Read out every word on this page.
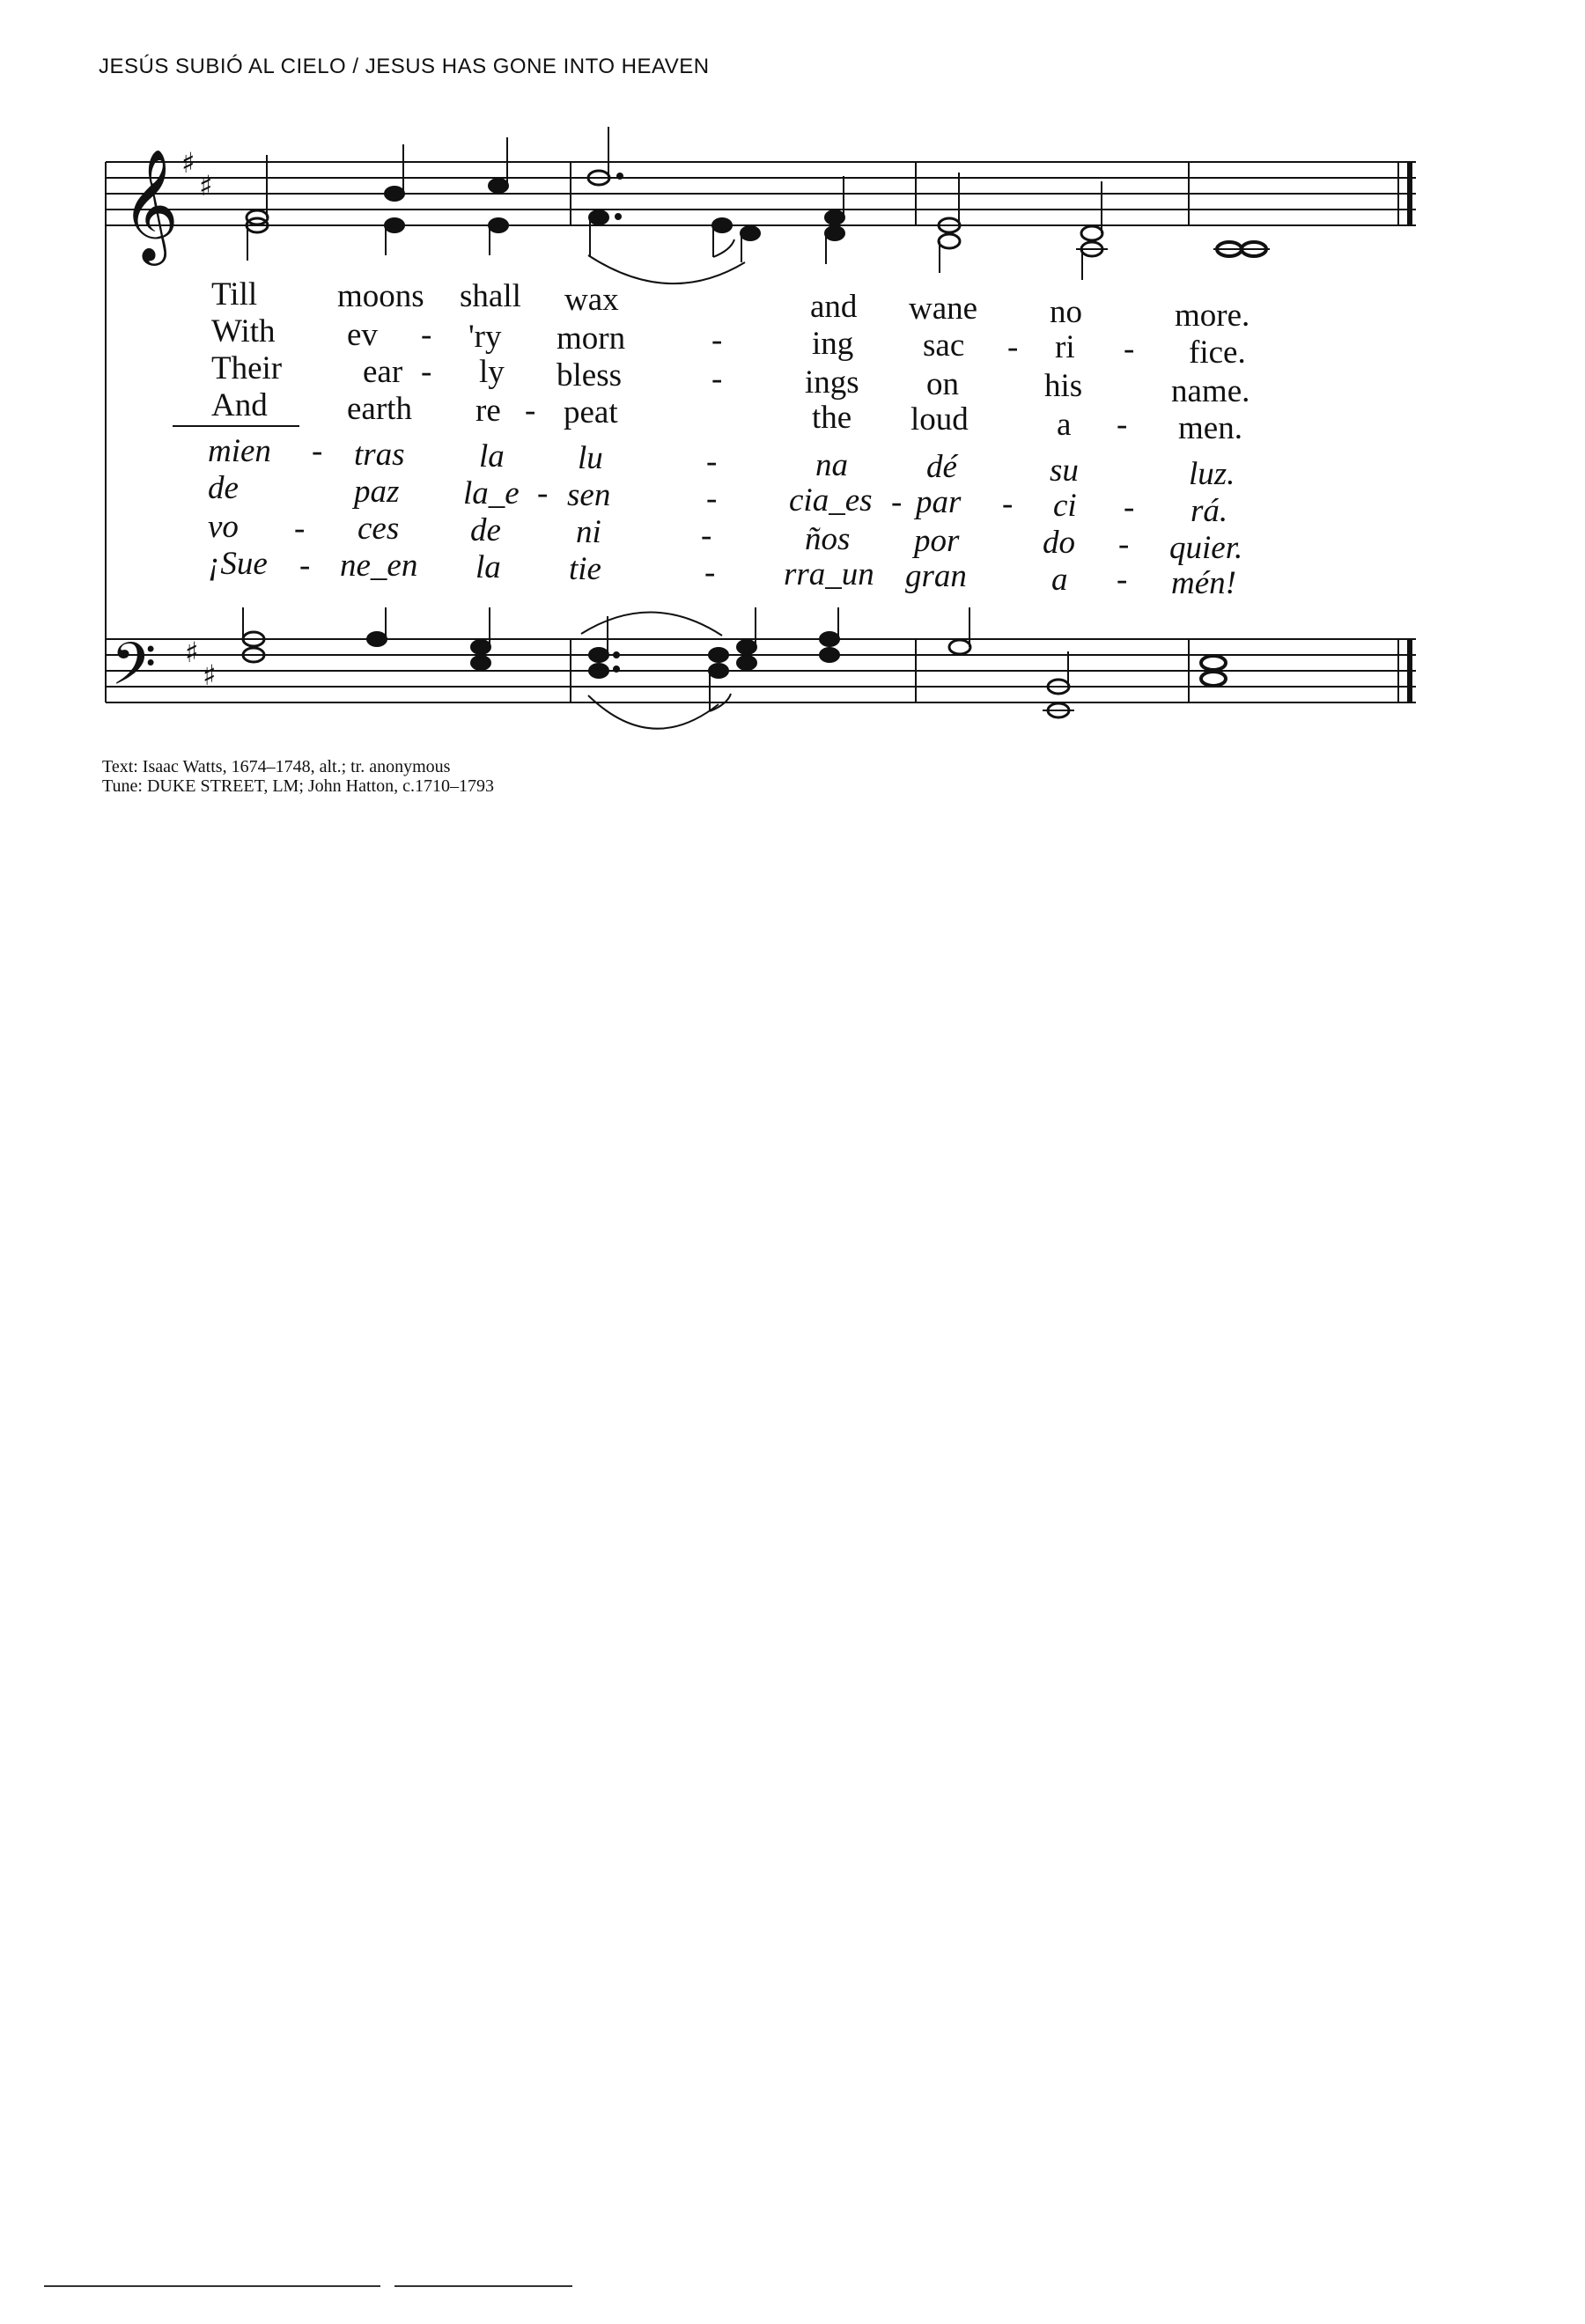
JESÚS SUBIÓ AL CIELO / JESUS HAS GONE INTO HEAVEN
𝄞
𝄢
♯
♯
♯
♯
Till moons shall wax	and wane no	more.
With ev - 'ry morn	-	ing sac - ri - fice.
Their ear - ly bless	-	ings on	his	name.
And earth re - peat	the loud	a - men.
mien - tras la lu	-	na dé	su	luz.
de	paz la_e - sen	- cia_es - par - ci - rá.
vo - ces de ni	-	ños por	do - quier.
¡Sue - ne_en la tie	- rra_un gran	a - mén!
Text: Isaac Watts, 1674–1748, alt.; tr. anonymous
Tune: DUKE STREET, LM; John Hatton, c.1710–1793
